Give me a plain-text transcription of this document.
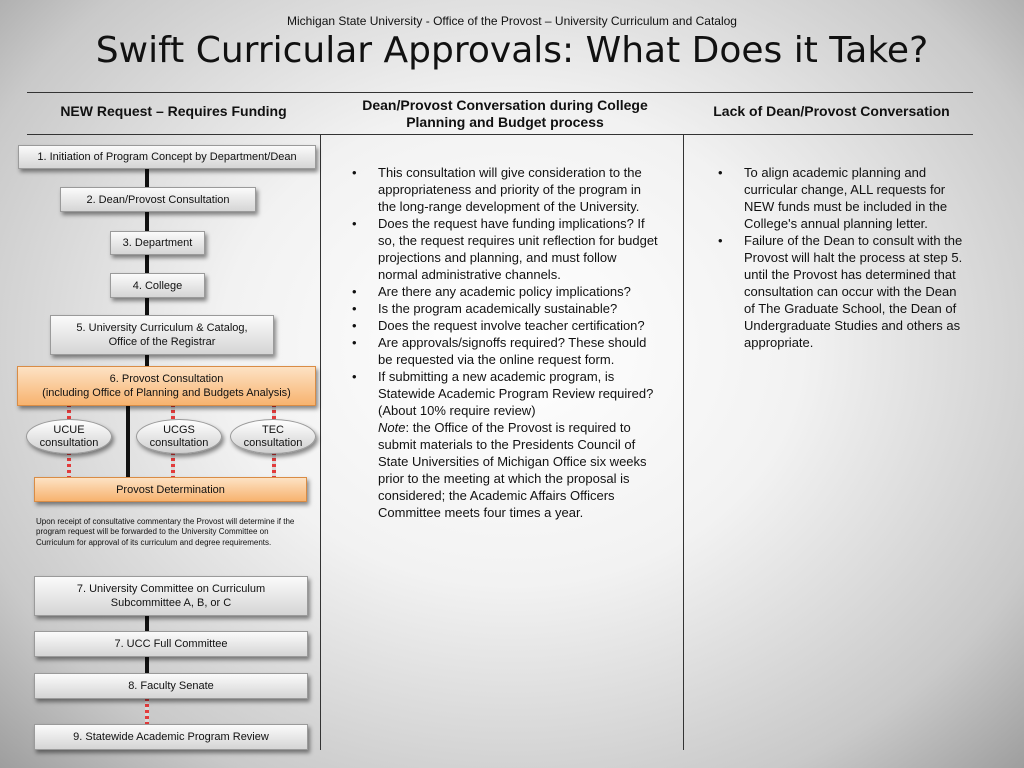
Michigan State University - Office of the Provost – University Curriculum and Catalog
Swift Curricular Approvals: What Does it Take?
NEW Request – Requires Funding	Dean/Provost Conversation during College Planning and Budget process
Lack of Dean/Provost Conversation
1. Initiation of Program Concept by Department/Dean
2. Dean/Provost Consultation
3. Department
4. College
5. University Curriculum & Catalog,
Office of the Registrar
6. Provost Consultation
(including Office of Planning and Budgets Analysis)
UCUE
consultation
UCGS
consultation
TEC
consultation
Provost Determination
Upon receipt of consultative commentary the Provost will determine if the program request will be forwarded to the University Committee on Curriculum for approval of its curriculum and degree requirements.
7. University Committee on Curriculum
Subcommittee A, B, or C
7. UCC Full Committee
8. Faculty Senate
9. Statewide Academic Program Review
• This consultation will give consideration to the appropriateness and priority of the program in the long-range development of the University.
• Does the request have funding implications? If so, the request requires unit reflection for budget projections and planning, and must follow normal administrative channels.
• Are there any academic policy implications?
• Is the program academically sustainable?
• Does the request involve teacher certification?
• Are approvals/signoffs required? These should be requested via the online request form.
• If submitting a new academic program, is Statewide Academic Program Review required? (About 10% require review)
Note: the Office of the Provost is required to submit materials to the Presidents Council of State Universities of Michigan Office six weeks prior to the meeting at which the proposal is considered; the Academic Affairs Officers Committee meets four times a year.
• To align academic planning and curricular change, ALL requests for NEW funds must be included in the College's annual planning letter.
• Failure of the Dean to consult with the Provost will halt the process at step 5. until the Provost has determined that consultation can occur with the Dean of The Graduate School, the Dean of Undergraduate Studies and others as appropriate.
